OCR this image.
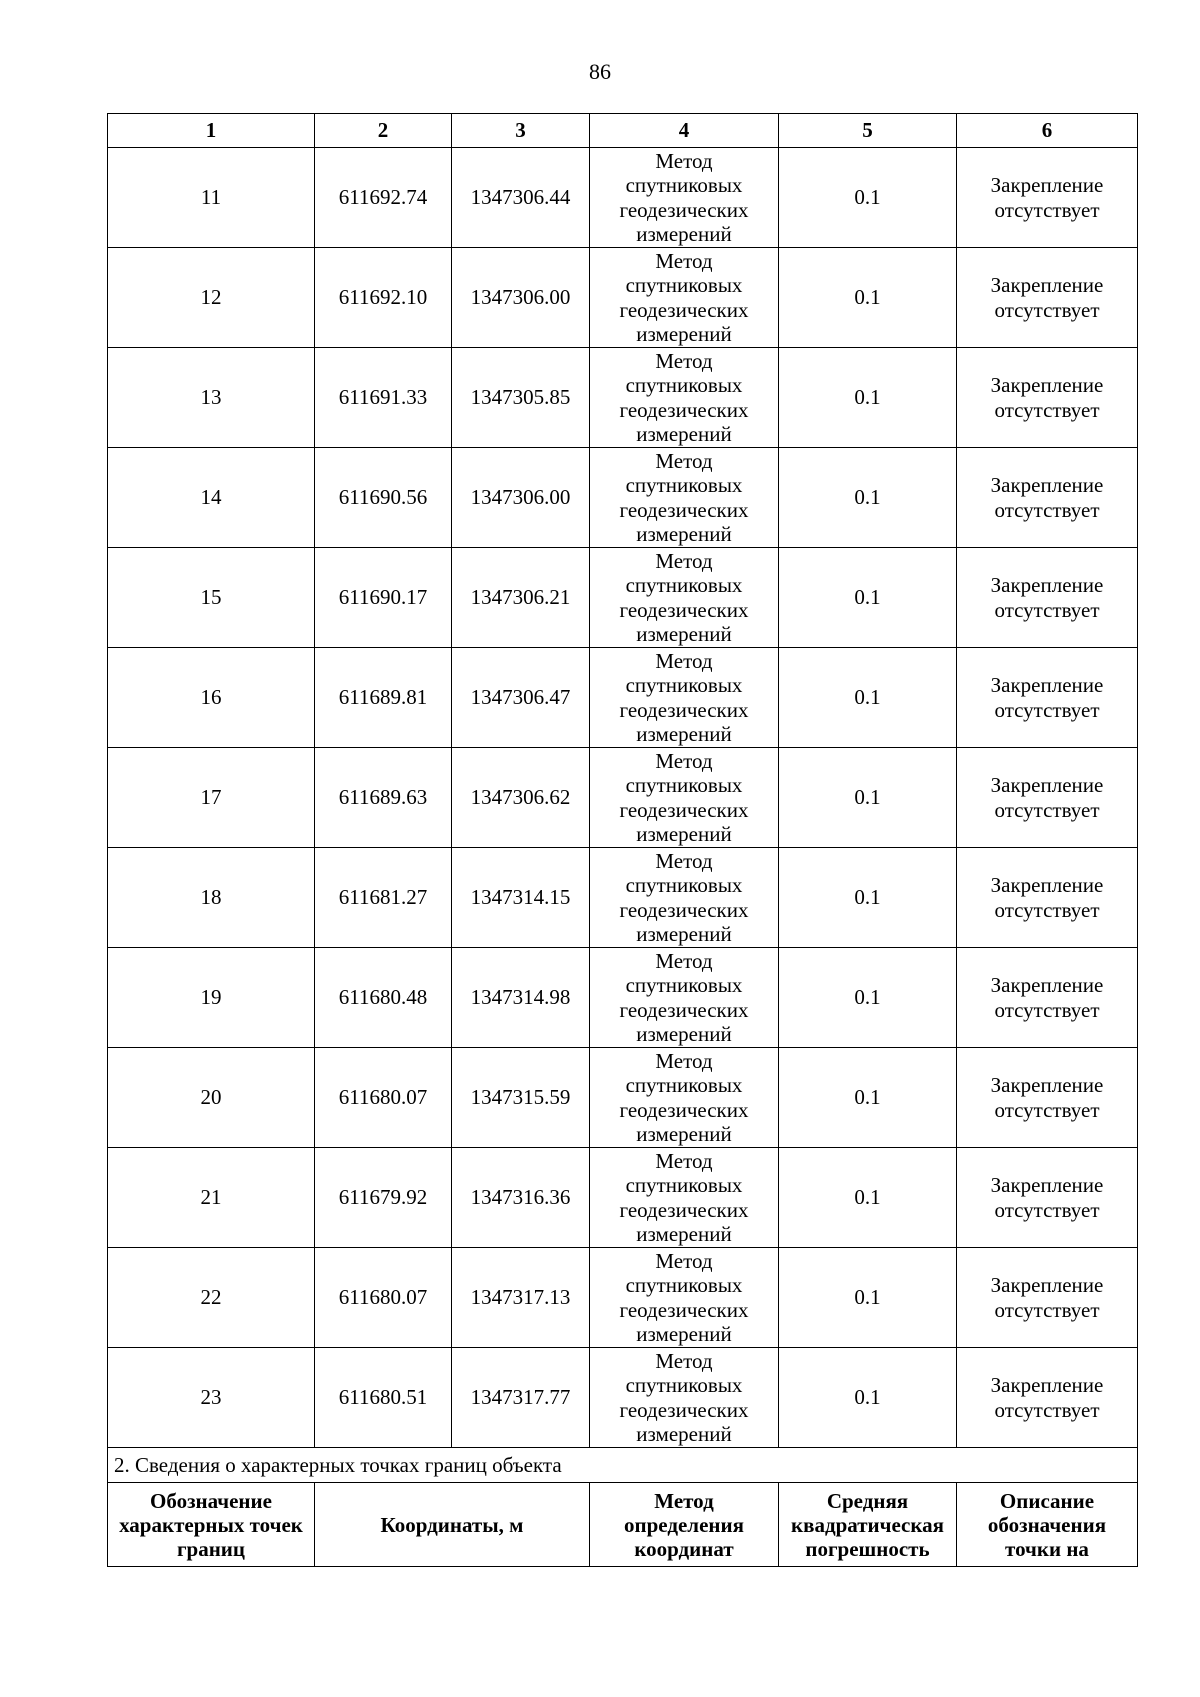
86
1	2	3	4	5	6
11	611692.74	1347306.44	Метод
спутниковых
геодезических
измерений	0.1	Закрепление
отсутствует

12	611692.10	1347306.00	Метод
спутниковых
геодезических
измерений	0.1	Закрепление
отсутствует

13	611691.33	1347305.85	Метод
спутниковых
геодезических
измерений	0.1	Закрепление
отсутствует

14	611690.56	1347306.00	Метод
спутниковых
геодезических
измерений	0.1	Закрепление
отсутствует

15	611690.17	1347306.21	Метод
спутниковых
геодезических
измерений	0.1	Закрепление
отсутствует

16	611689.81	1347306.47	Метод
спутниковых
геодезических
измерений	0.1	Закрепление
отсутствует

17	611689.63	1347306.62	Метод
спутниковых
геодезических
измерений	0.1	Закрепление
отсутствует

18	611681.27	1347314.15	Метод
спутниковых
геодезических
измерений	0.1	Закрепление
отсутствует

19	611680.48	1347314.98	Метод
спутниковых
геодезических
измерений	0.1	Закрепление
отсутствует

20	611680.07	1347315.59	Метод
спутниковых
геодезических
измерений	0.1	Закрепление
отсутствует

21	611679.92	1347316.36	Метод
спутниковых
геодезических
измерений	0.1	Закрепление
отсутствует

22	611680.07	1347317.13	Метод
спутниковых
геодезических
измерений	0.1	Закрепление
отсутствует

23	611680.51	1347317.77	Метод
спутниковых
геодезических
измерений	0.1	Закрепление
отсутствует

2. Сведения о характерных точках границ объекта					

Обозначение
характерных точек
границ	Координаты, м		Метод
определения
координат	Средняя
квадратическая
погрешность	Описание
обозначения
точки на
